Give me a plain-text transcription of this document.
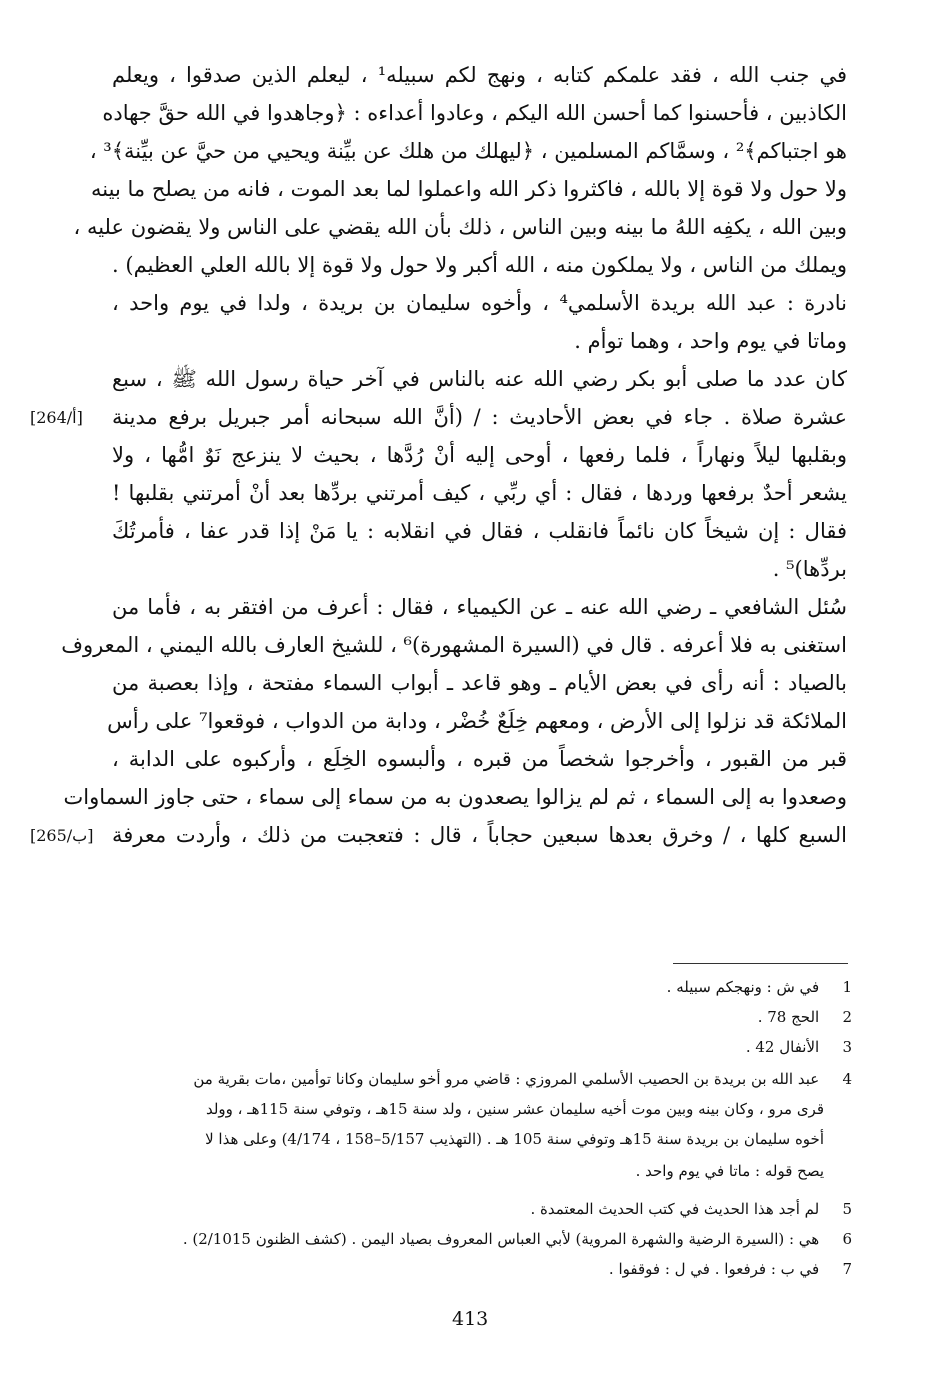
في جنب الله ، فقد علمكم كتابه ، ونهج لكم سبيله¹ ، ليعلم الذين صدقوا ، ويعلم
الكاذبين ، فأحسنوا كما أحسن الله اليكم ، وعادوا أعداءه : ﴿وجاهدوا في الله حقَّ جهاده
هو اجتباكم﴾² ، وسمَّاكم المسلمين ، ﴿ليهلك من هلك عن بيِّنة ويحيي من حيَّ عن بيِّنة﴾³ ،
ولا حول ولا قوة إلا بالله ، فاكثروا ذكر الله واعملوا لما بعد الموت ، فانه من يصلح ما بينه
وبين الله ، يكفِه اللهُ ما بينه وبين الناس ، ذلك بأن الله يقضي على الناس ولا يقضون عليه ،
ويملك من الناس ، ولا يملكون منه ، الله أكبر ولا حول ولا قوة إلا بالله العلي العظيم) .
نادرة : عبد الله بريدة الأسلمي⁴ ، وأخوه سليمان بن بريدة ، ولدا في يوم واحد ،
وماتا في يوم واحد ، وهما توأم .
كان عدد ما صلى أبو بكر رضي الله عنه بالناس في آخر حياة رسول الله ﷺ ، سبع
عشرة صلاة . جاء في بعض الأحاديث : / (أنَّ الله سبحانه أمر جبريل برفع مدينة
وبقلبها ليلاً ونهاراً ، فلما رفعها ، أوحى إليه أنْ رُدَّها ، بحيث لا ينزعج نَوٌ امُّها ، ولا
يشعر أحدٌ برفعها وردها ، فقال : أي ربِّي ، كيف أمرتني بردِّها بعد أنْ أمرتني بقلبها !
فقال : إن شيخاً كان نائماً فانقلب ، فقال في انقلابه : يا مَنْ إذا قدر عفا ، فأمرتُكَ
بردِّها)⁵ .
سُئل الشافعي ـ رضي الله عنه ـ عن الكيمياء ، فقال : أعرف من افتقر به ، فأما من
استغنى به فلا أعرفه . قال في (السيرة المشهورة)⁶ ، للشيخ العارف بالله اليمني ، المعروف
بالصياد : أنه رأى في بعض الأيام ـ وهو قاعد ـ أبواب السماء مفتحة ، وإذا بعصبة من
الملائكة قد نزلوا إلى الأرض ، ومعهم خِلَعٌ خُضْر ، ودابة من الدواب ، فوقعوا⁷ على رأس
قبر من القبور ، وأخرجوا شخصاً من قبره ، وألبسوه الخِلَع ، وأركبوه على الدابة ،
وصعدوا به إلى السماء ، ثم لم يزالوا يصعدون به من سماء إلى سماء ، حتى جاوز السماوات
السبع كلها ، / وخرق بعدها سبعين حجاباً ، قال : فتعجبت من ذلك ، وأردت معرفة
[264/أ]
[265/ب]
1 في ش : ونهجكم سبيله .
2 الحج 78 .
3 الأنفال 42 .
4 عبد الله بن بريدة بن الحصيب الأسلمي المروزي : قاضي مرو أخو سليمان وكانا توأمين ،مات بقرية من
قرى مرو ، وكان بينه وبين موت أخيه سليمان عشر سنين ، ولد سنة 15هـ ، وتوفي سنة 115هـ ، وولد
أخوه سليمان بن بريدة سنة 15هـ وتوفي سنة 105 هـ . (التهذيب 5/157–158 ، 4/174) وعلى هذا لا
يصح قوله : ماتا في يوم واحد .
5 لم أجد هذا الحديث في كتب الحديث المعتمدة .
6 هي : (السيرة الرضية والشهرة المروية) لأبي العباس المعروف بصياد اليمن . (كشف الظنون 2/1015) .
7 في ب : فرفعوا . في ل : فوقفوا .
413
